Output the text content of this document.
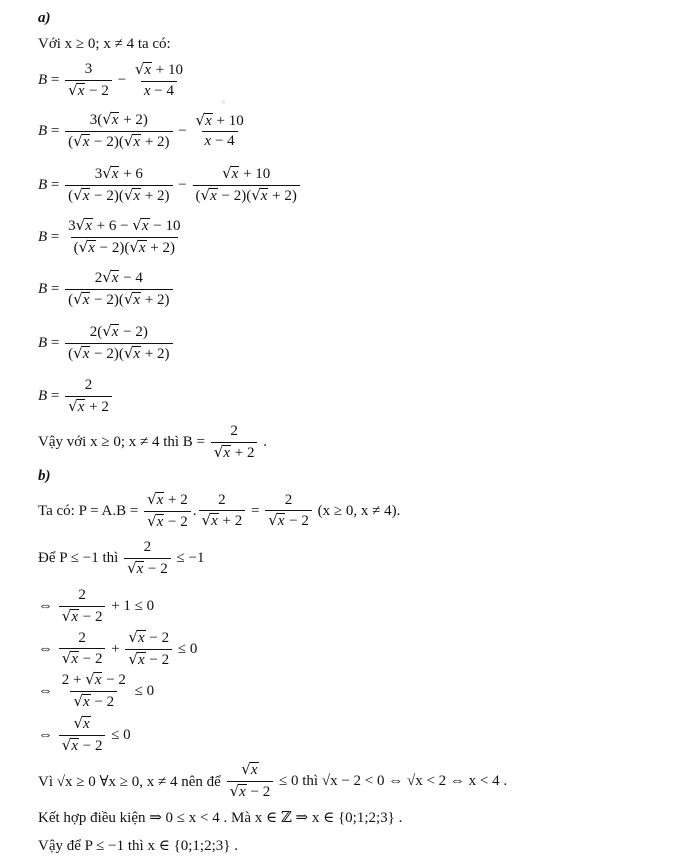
a)
Với x ≥ 0; x ≠ 4 ta có:
$B = \frac{3}{√ x - 2} - \frac{√ x + 10}{x - 4}$
$B = \frac{3( √ x + 2)}{( √ x - 2)( √ x + 2)} - \frac{√ x + 10}{x - 4}$
$B = \frac{3 √ x + 6}{( √ x - 2)( √ x + 2)} - \frac{√ x + 10}{( √ x - 2)( √ x + 2)}$
$B = \frac{3 √ x + 6 - √ x - 10}{( √ x - 2)( √ x + 2)}$
$B = \frac{2 √ x - 4}{( √ x - 2)( √ x + 2)}$
$B = \frac{2( √ x - 2)}{( √ x - 2)( √ x + 2)}$
$B = \frac{2}{√ x + 2}$
Vậy với x ≥ 0; x ≠ 4 thì B =
$\frac{2}{√ x + 2}$ .
b)
Ta có: P = A.B =
$\frac{√ x + 2}{√ x - 2}$ . $\frac{2}{√ x + 2} = \frac{2}{√ x - 2}$
(x ≥ 0, x ≠ 4).
Để P ≤ −1 thì
$\frac{2}{√ x - 2} \le -1$
⇔ $\frac{2}{√ x - 2} + 1 \le 0$
⇔ $\frac{2}{√ x - 2} + \frac{√ x - 2}{√ x - 2} \le 0$
⇔ $\frac{2 + √ x - 2}{√ x - 2} \le 0$
⇔ $\frac{√ x}{√ x - 2} \le 0$
Vì √x ≥ 0 ∀x ≥ 0, x ≠ 4 nên để
$\frac{√ x}{√ x - 2}$
≤ 0 thì √x − 2 < 0 ⇔ √x < 2 ⇔ x < 4 .
Kết hợp điều kiện ⇒ 0 ≤ x < 4 . Mà x ∈ ℤ ⇒ x ∈ {0;1;2;3} .
Vậy để P ≤ −1 thì x ∈ {0;1;2;3} .
•
